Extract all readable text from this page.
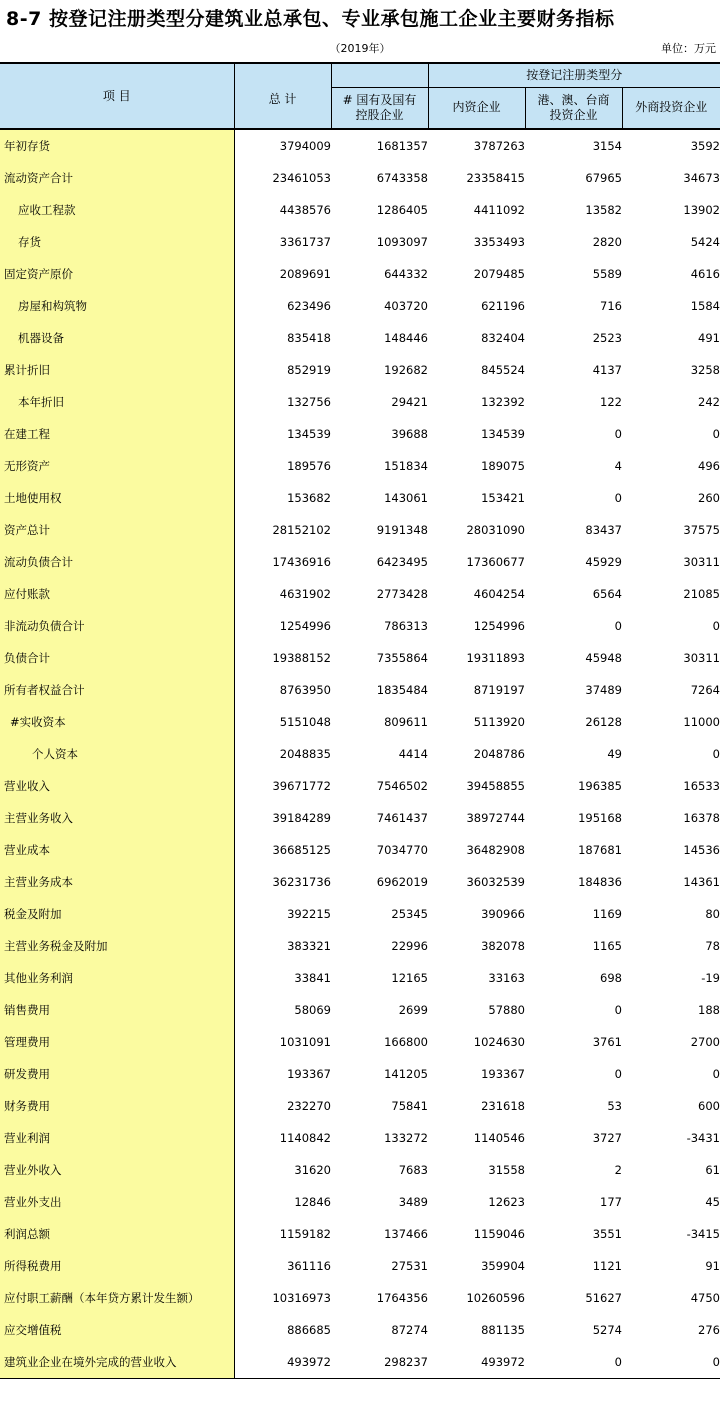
8-7 按登记注册类型分建筑业总承包、专业承包施工企业主要财务指标
（2019年）	单位：万元
项 目	总 计		按登记注册类型分		
		# 国有及国有控股企业	内资企业	港、澳、台商投资企业	外商投资企业
年初存货	3794009	1681357	3787263	3154	3592
流动资产合计	23461053	6743358	23358415	67965	34673
应收工程款	4438576	1286405	4411092	13582	13902
存货	3361737	1093097	3353493	2820	5424
固定资产原价	2089691	644332	2079485	5589	4616
房屋和构筑物	623496	403720	621196	716	1584
机器设备	835418	148446	832404	2523	491
累计折旧	852919	192682	845524	4137	3258
本年折旧	132756	29421	132392	122	242
在建工程	134539	39688	134539	0	0
无形资产	189576	151834	189075	4	496
土地使用权	153682	143061	153421	0	260
资产总计	28152102	9191348	28031090	83437	37575
流动负债合计	17436916	6423495	17360677	45929	30311
应付账款	4631902	2773428	4604254	6564	21085
非流动负债合计	1254996	786313	1254996	0	0
负债合计	19388152	7355864	19311893	45948	30311
所有者权益合计	8763950	1835484	8719197	37489	7264
#实收资本	5151048	809611	5113920	26128	11000
个人资本	2048835	4414	2048786	49	0
营业收入	39671772	7546502	39458855	196385	16533
主营业务收入	39184289	7461437	38972744	195168	16378
营业成本	36685125	7034770	36482908	187681	14536
主营业务成本	36231736	6962019	36032539	184836	14361
税金及附加	392215	25345	390966	1169	80
主营业务税金及附加	383321	22996	382078	1165	78
其他业务利润	33841	12165	33163	698	-19
销售费用	58069	2699	57880	0	188
管理费用	1031091	166800	1024630	3761	2700
研发费用	193367	141205	193367	0	0
财务费用	232270	75841	231618	53	600
营业利润	1140842	133272	1140546	3727	-3431
营业外收入	31620	7683	31558	2	61
营业外支出	12846	3489	12623	177	45
利润总额	1159182	137466	1159046	3551	-3415
所得税费用	361116	27531	359904	1121	91
应付职工薪酬（本年贷方累计发生额）	10316973	1764356	10260596	51627	4750
应交增值税	886685	87274	881135	5274	276
建筑业企业在境外完成的营业收入	493972	298237	493972	0	0
